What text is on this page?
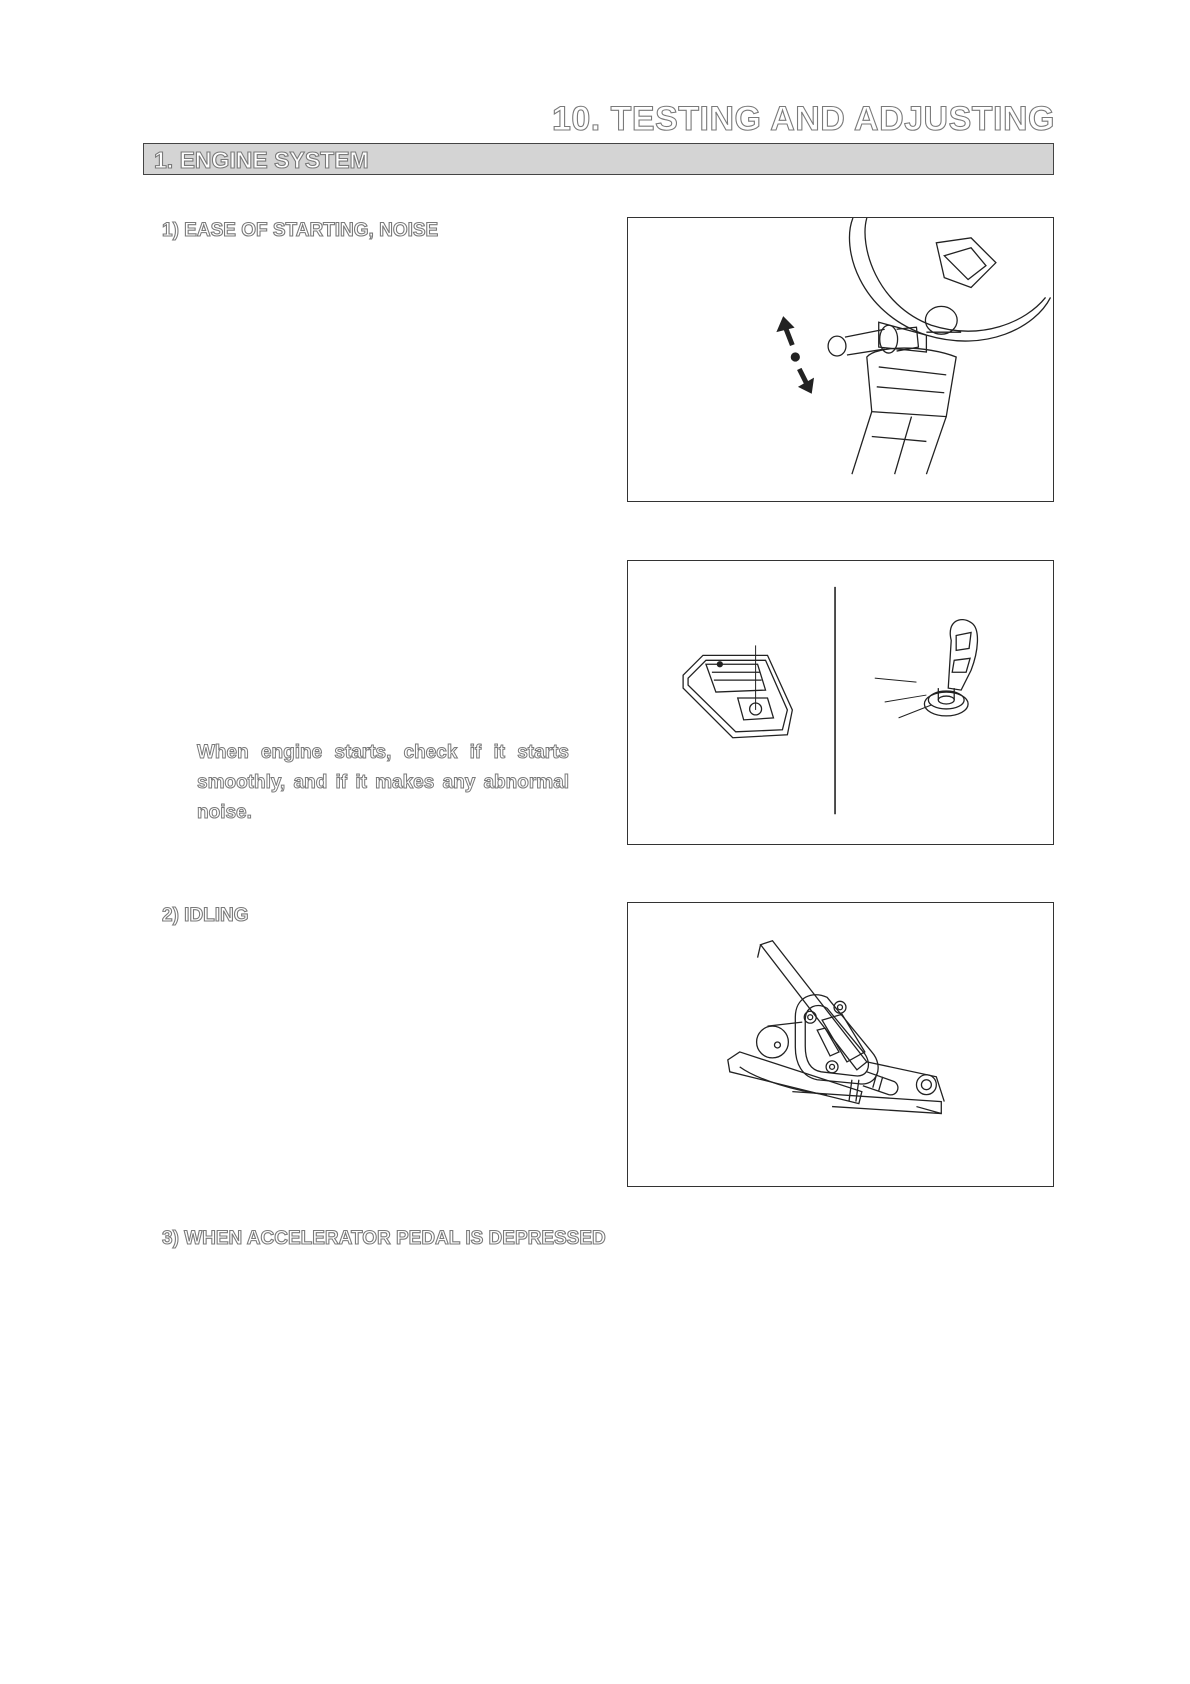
10. TESTING AND ADJUSTING
1. ENGINE SYSTEM
1) EASE OF STARTING, NOISE
2) IDLING
3) WHEN ACCELERATOR PEDAL IS DEPRESSED

When engine starts, check if it starts smoothly, and if it makes any abnormal noise.
